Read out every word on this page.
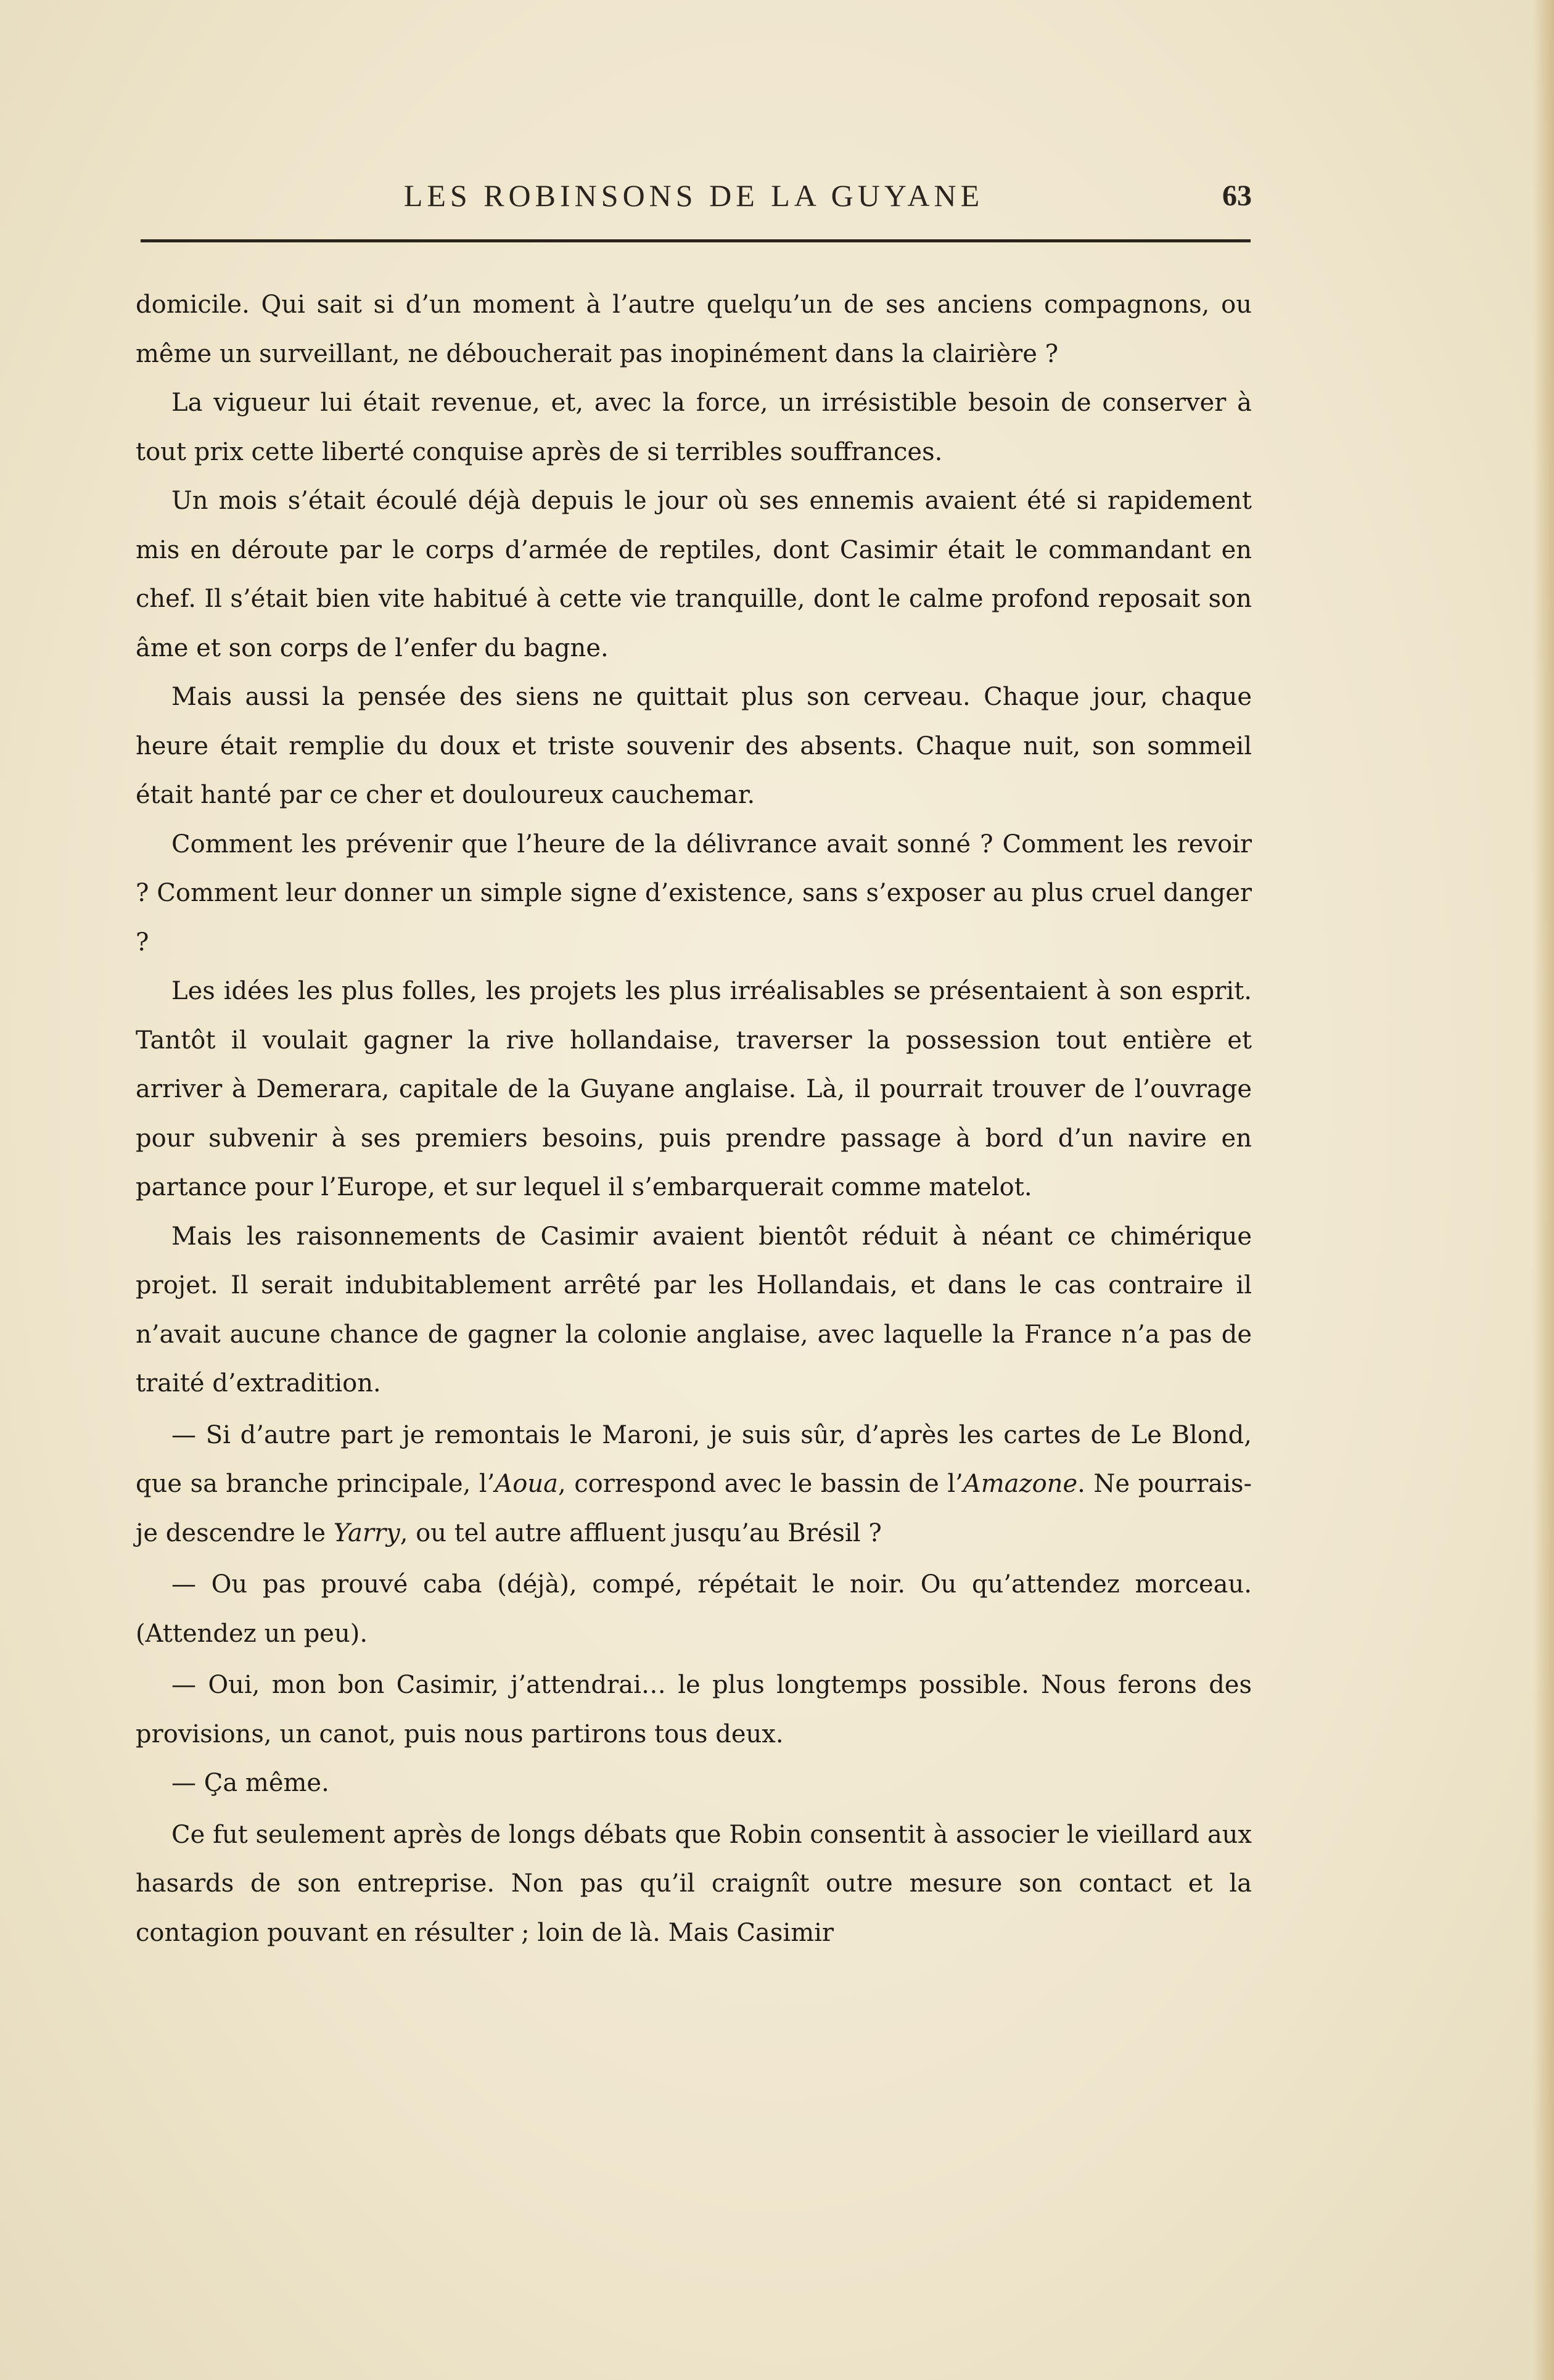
LES ROBINSONS DE LA GUYANE	63

domicile. Qui sait si d’un moment à l’autre quelqu’un de ses anciens compagnons, ou même un surveillant, ne déboucherait pas inopinément dans la clairière ?

La vigueur lui était revenue, et, avec la force, un irrésistible besoin de conserver à tout prix cette liberté conquise après de si terribles souffrances.

Un mois s’était écoulé déjà depuis le jour où ses ennemis avaient été si rapidement mis en déroute par le corps d’armée de reptiles, dont Casimir était le commandant en chef. Il s’était bien vite habitué à cette vie tranquille, dont le calme profond reposait son âme et son corps de l’enfer du bagne.

Mais aussi la pensée des siens ne quittait plus son cerveau. Chaque jour, chaque heure était remplie du doux et triste souvenir des absents. Chaque nuit, son sommeil était hanté par ce cher et douloureux cauchemar.

Comment les prévenir que l’heure de la délivrance avait sonné ? Comment les revoir ? Comment leur donner un simple signe d’existence, sans s’exposer au plus cruel danger ?

Les idées les plus folles, les projets les plus irréalisables se présentaient à son esprit. Tantôt il voulait gagner la rive hollandaise, traverser la possession tout entière et arriver à Demerara, capitale de la Guyane anglaise. Là, il pourrait trouver de l’ouvrage pour subvenir à ses premiers besoins, puis prendre passage à bord d’un navire en partance pour l’Europe, et sur lequel il s’embarquerait comme matelot.

Mais les raisonnements de Casimir avaient bientôt réduit à néant ce chimérique projet. Il serait indubitablement arrêté par les Hollandais, et dans le cas contraire il n’avait aucune chance de gagner la colonie anglaise, avec laquelle la France n’a pas de traité d’extradition.

— Si d’autre part je remontais le Maroni, je suis sûr, d’après les cartes de Le Blond, que sa branche principale, l’Aoua, correspond avec le bassin de l’Amazone. Ne pourrais-je descendre le Yarry, ou tel autre affluent jusqu’au Brésil ?

— Ou pas prouvé caba (déjà), compé, répétait le noir. Ou qu’attendez morceau. (Attendez un peu).

— Oui, mon bon Casimir, j’attendrai… le plus longtemps possible. Nous ferons des provisions, un canot, puis nous partirons tous deux.

— Ça même.

Ce fut seulement après de longs débats que Robin consentit à associer le vieillard aux hasards de son entreprise. Non pas qu’il craignît outre mesure son contact et la contagion pouvant en résulter ; loin de là. Mais Casimir
